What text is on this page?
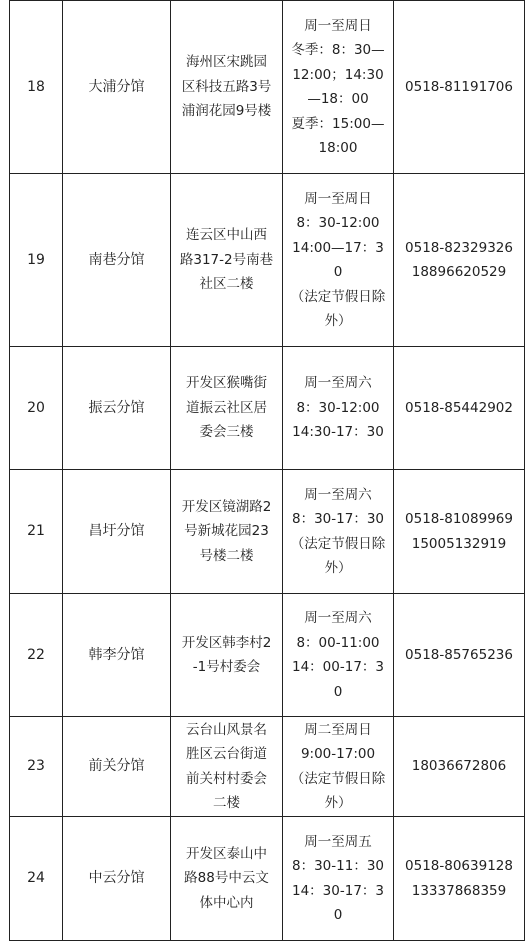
18	大浦分馆	海州区宋跳园区科技五路3号浦润花园9号楼	周一至周日
冬季：8：30—12:00；14:30—18：00
夏季：15:00—18:00	0518-81191706

19	南巷分馆	连云区中山西路317-2号南巷社区二楼	周一至周日
8：30-12:00
14:00—17：30
（法定节假日除外）	0518-82329326
18896620529

20	振云分馆	开发区猴嘴街道振云社区居委会三楼	周一至周六
8：30-12:00
14:30-17：30	0518-85442902

21	昌圩分馆	开发区镜湖路2号新城花园23号楼二楼	周一至周六
8：30-17：30
（法定节假日除外）	0518-81089969
15005132919

22	韩李分馆	开发区韩李村2-1号村委会	周一至周六
8：00-11:00
14：00-17：30	0518-85765236

23	前关分馆	云台山风景名胜区云台街道前关村村委会二楼	周二至周日
9:00-17:00
（法定节假日除外）	18036672806

24	中云分馆	开发区泰山中路88号中云文体中心内	周一至周五
8：30-11：30
14：30-17：30	0518-80639128
13337868359
